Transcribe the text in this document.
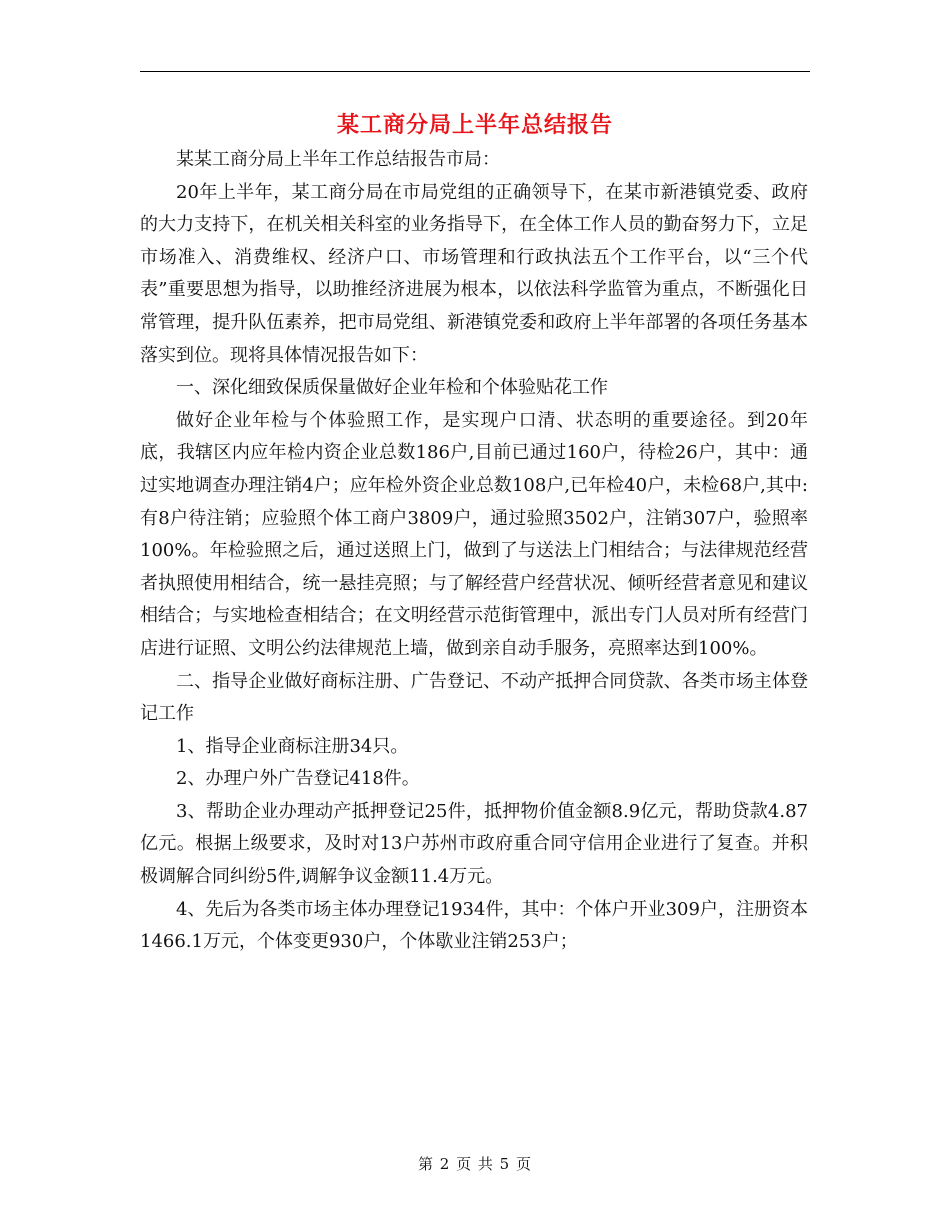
某工商分局上半年总结报告

某某工商分局上半年工作总结报告市局：

20年上半年，某工商分局在市局党组的正确领导下，在某市新港镇党委、政府的大力支持下，在机关相关科室的业务指导下，在全体工作人员的勤奋努力下，立足市场准入、消费维权、经济户口、市场管理和行政执法五个工作平台，以“三个代表”重要思想为指导，以助推经济进展为根本，以依法科学监管为重点，不断强化日常管理，提升队伍素养，把市局党组、新港镇党委和政府上半年部署的各项任务基本落实到位。现将具体情况报告如下：

一、深化细致保质保量做好企业年检和个体验贴花工作

做好企业年检与个体验照工作，是实现户口清、状态明的重要途径。到20年底，我辖区内应年检内资企业总数186户,目前已通过160户，待检26户，其中：通过实地调查办理注销4户；应年检外资企业总数108户,已年检40户，未检68户,其中:有8户待注销；应验照个体工商户3809户，通过验照3502户，注销307户，验照率100%。年检验照之后，通过送照上门，做到了与送法上门相结合；与法律规范经营者执照使用相结合，统一悬挂亮照；与了解经营户经营状况、倾听经营者意见和建议相结合；与实地检查相结合；在文明经营示范街管理中，派出专门人员对所有经营门店进行证照、文明公约法律规范上墙，做到亲自动手服务，亮照率达到100%。

二、指导企业做好商标注册、广告登记、不动产抵押合同贷款、各类市场主体登记工作

1、指导企业商标注册34只。

2、办理户外广告登记418件。

3、帮助企业办理动产抵押登记25件，抵押物价值金额8.9亿元，帮助贷款4.87亿元。根据上级要求，及时对13户苏州市政府重合同守信用企业进行了复查。并积极调解合同纠纷5件,调解争议金额11.4万元。

4、先后为各类市场主体办理登记1934件，其中：个体户开业309户，注册资本1466.1万元，个体变更930户，个体歇业注销253户；

第 2 页 共 5 页
